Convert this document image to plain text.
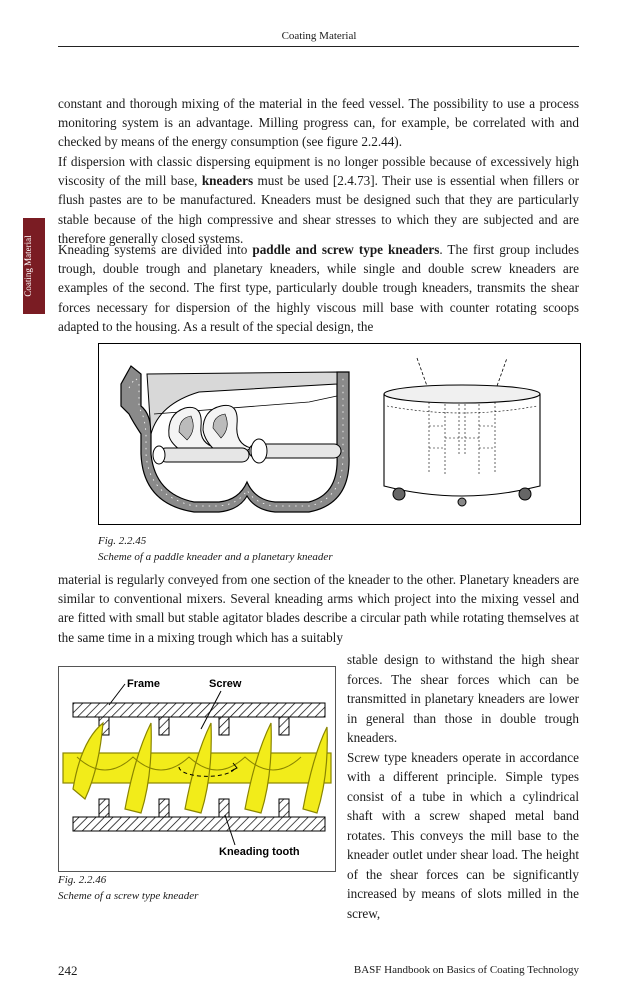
Coating Material
Coating Material

constant and thorough mixing of the material in the feed vessel. The possibility to use a process monitoring system is an advantage. Milling progress can, for example, be correlated with and checked by means of the energy consumption (see figure 2.2.44).

If dispersion with classic dispersing equipment is no longer possible because of excessively high viscosity of the mill base, kneaders must be used [2.4.73]. Their use is essential when fillers or flush pastes are to be manufactured. Kneaders must be designed such that they are particularly stable because of the high compressive and shear stresses to which they are subjected and are therefore generally closed systems.

Kneading systems are divided into paddle and screw type kneaders. The first group includes trough, double trough and planetary kneaders, while single and double screw kneaders are examples of the second. The first type, particularly double trough kneaders, transmits the shear forces necessary for dispersion of the highly viscous mill base with counter rotating scoops adapted to the housing. As a result of the special design, the

Fig. 2.2.45
Scheme of a paddle kneader and a planetary kneader

material is regularly conveyed from one section of the kneader to the other. Planetary kneaders are similar to conventional mixers. Several kneading arms which project into the mixing vessel and are fitted with small but stable agitator blades describe a circular path while rotating themselves at the same time in a mixing trough which has a suitably

Frame	Screw
Kneading tooth
Fig. 2.2.46
Scheme of a screw type kneader

stable design to withstand the high shear forces. The shear forces which can be transmitted in planetary kneaders are lower in general than those in double trough kneaders.

Screw type kneaders operate in accordance with a different principle. Simple types consist of a tube in which a cylindrical shaft with a screw shaped metal band rotates. This conveys the mill base to the kneader outlet under shear load. The height of the shear forces can be significantly increased by means of slots milled in the screw,

242	BASF Handbook on Basics of Coating Technology
